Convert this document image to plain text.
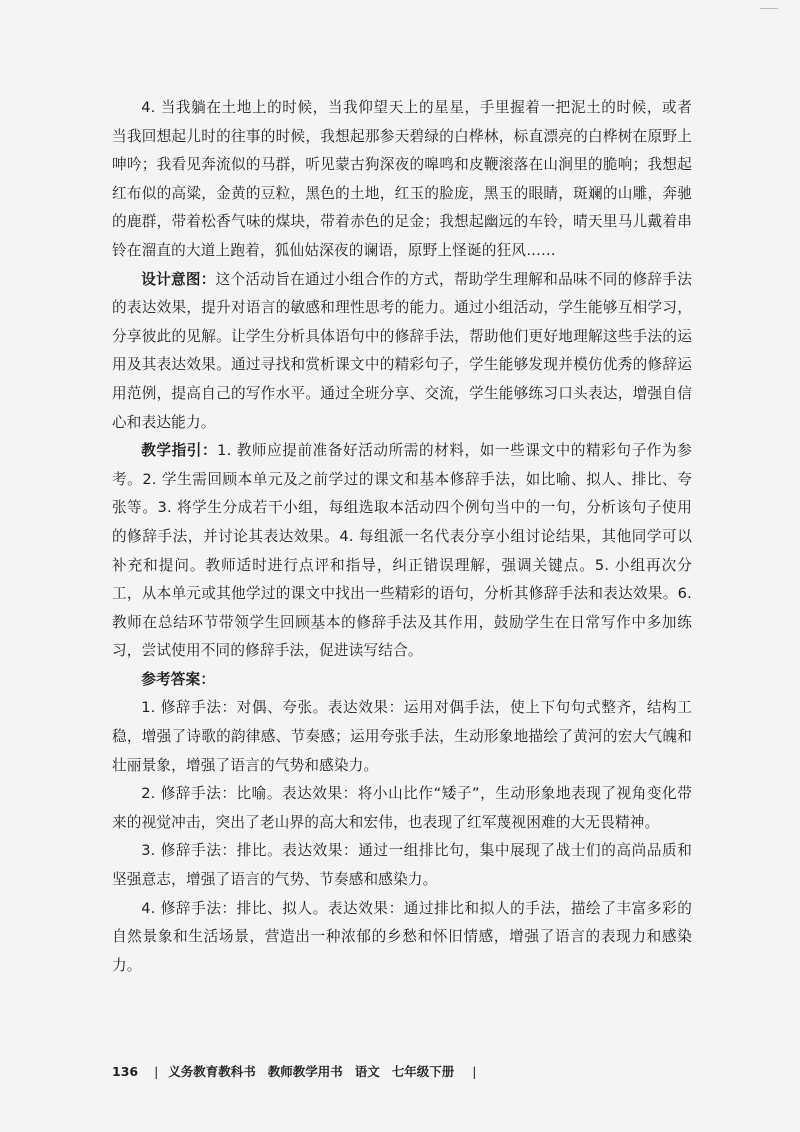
4. 当我躺在土地上的时候，当我仰望天上的星星，手里握着一把泥土的时候，或者当我回想起儿时的往事的时候，我想起那参天碧绿的白桦林，标直漂亮的白桦树在原野上呻吟；我看见奔流似的马群，听见蒙古狗深夜的嗥鸣和皮鞭滚落在山涧里的脆响；我想起红布似的高粱，金黄的豆粒，黑色的土地，红玉的脸庞，黑玉的眼睛，斑斓的山雕，奔驰的鹿群，带着松香气味的煤块，带着赤色的足金；我想起幽远的车铃，晴天里马儿戴着串铃在溜直的大道上跑着，狐仙姑深夜的谰语，原野上怪诞的狂风……

设计意图：这个活动旨在通过小组合作的方式，帮助学生理解和品味不同的修辞手法的表达效果，提升对语言的敏感和理性思考的能力。通过小组活动，学生能够互相学习，分享彼此的见解。让学生分析具体语句中的修辞手法，帮助他们更好地理解这些手法的运用及其表达效果。通过寻找和赏析课文中的精彩句子，学生能够发现并模仿优秀的修辞运用范例，提高自己的写作水平。通过全班分享、交流，学生能够练习口头表达，增强自信心和表达能力。

教学指引：1. 教师应提前准备好活动所需的材料，如一些课文中的精彩句子作为参考。2. 学生需回顾本单元及之前学过的课文和基本修辞手法，如比喻、拟人、排比、夸张等。3. 将学生分成若干小组，每组选取本活动四个例句当中的一句，分析该句子使用的修辞手法，并讨论其表达效果。4. 每组派一名代表分享小组讨论结果，其他同学可以补充和提问。教师适时进行点评和指导，纠正错误理解，强调关键点。5. 小组再次分工，从本单元或其他学过的课文中找出一些精彩的语句，分析其修辞手法和表达效果。6. 教师在总结环节带领学生回顾基本的修辞手法及其作用，鼓励学生在日常写作中多加练习，尝试使用不同的修辞手法，促进读写结合。

参考答案：

1. 修辞手法：对偶、夸张。表达效果：运用对偶手法，使上下句句式整齐，结构工稳，增强了诗歌的韵律感、节奏感；运用夸张手法，生动形象地描绘了黄河的宏大气魄和壮丽景象，增强了语言的气势和感染力。

2. 修辞手法：比喻。表达效果：将小山比作“矮子”，生动形象地表现了视角变化带来的视觉冲击，突出了老山界的高大和宏伟，也表现了红军蔑视困难的大无畏精神。

3. 修辞手法：排比。表达效果：通过一组排比句，集中展现了战士们的高尚品质和坚强意志，增强了语言的气势、节奏感和感染力。

4. 修辞手法：排比、拟人。表达效果：通过排比和拟人的手法，描绘了丰富多彩的自然景象和生活场景，营造出一种浓郁的乡愁和怀旧情感，增强了语言的表现力和感染力。

136 | 义务教育教科书 教师教学用书 语文 七年级下册 |
